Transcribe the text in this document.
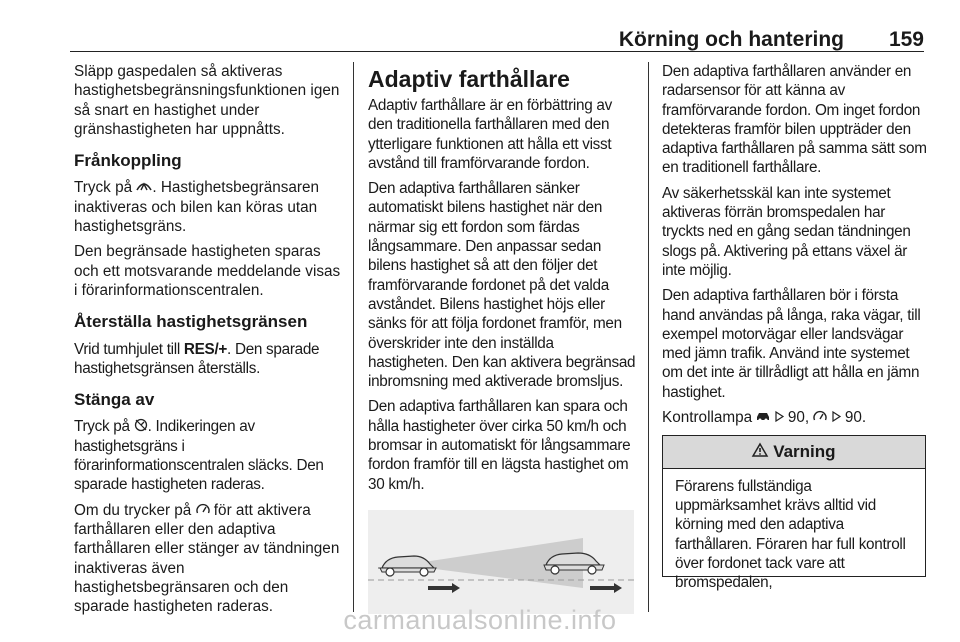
Körning och hantering 159

Släpp gaspedalen så aktiveras hastighetsbegränsningsfunktionen igen så snart en hastighet under gränshastigheten har uppnåtts.

Frånkoppling

Tryck på . Hastighetsbegränsaren inaktiveras och bilen kan köras utan hastighetsgräns.

Den begränsade hastigheten sparas och ett motsvarande meddelande visas i förarinformationscentralen.

Återställa hastighetsgränsen

Vrid tumhjulet till RES/+. Den sparade hastighetsgränsen återställs.

Stänga av

Tryck på . Indikeringen av hastighetsgräns i förarinformationscentralen släcks. Den sparade hastigheten raderas.

Om du trycker på  för att aktivera farthållaren eller den adaptiva farthållaren eller stänger av tändningen inaktiveras även hastighetsbegränsaren och den sparade hastigheten raderas.

Adaptiv farthållare

Adaptiv farthållare är en förbättring av den traditionella farthållaren med den ytterligare funktionen att hålla ett visst avstånd till framförvarande fordon.

Den adaptiva farthållaren sänker automatiskt bilens hastighet när den närmar sig ett fordon som färdas långsammare. Den anpassar sedan bilens hastighet så att den följer det framförvarande fordonet på det valda avståndet. Bilens hastighet höjs eller sänks för att följa fordonet framför, men överskrider inte den inställda hastigheten. Den kan aktivera begränsad inbromsning med aktiverade bromsljus.

Den adaptiva farthållaren kan spara och hålla hastigheter över cirka 50 km/h och bromsar in automatiskt för långsammare fordon framför till en lägsta hastighet om 30 km/h.

Den adaptiva farthållaren använder en radarsensor för att känna av framförvarande fordon. Om inget fordon detekteras framför bilen uppträder den adaptiva farthållaren på samma sätt som en traditionell farthållare.

Av säkerhetsskäl kan inte systemet aktiveras förrän bromspedalen har tryckts ned en gång sedan tändningen slogs på. Aktivering på ettans växel är inte möjlig.

Den adaptiva farthållaren bör i första hand användas på långa, raka vägar, till exempel motorvägar eller landsvägar med jämn trafik. Använd inte systemet om det inte är tillrådligt att hålla en jämn hastighet.

Kontrollampa 90,   90.

Varning
Förarens fullständiga uppmärksamhet krävs alltid vid körning med den adaptiva farthållaren. Föraren har full kontroll över fordonet tack vare att bromspedalen,
carmanualsonline.info
